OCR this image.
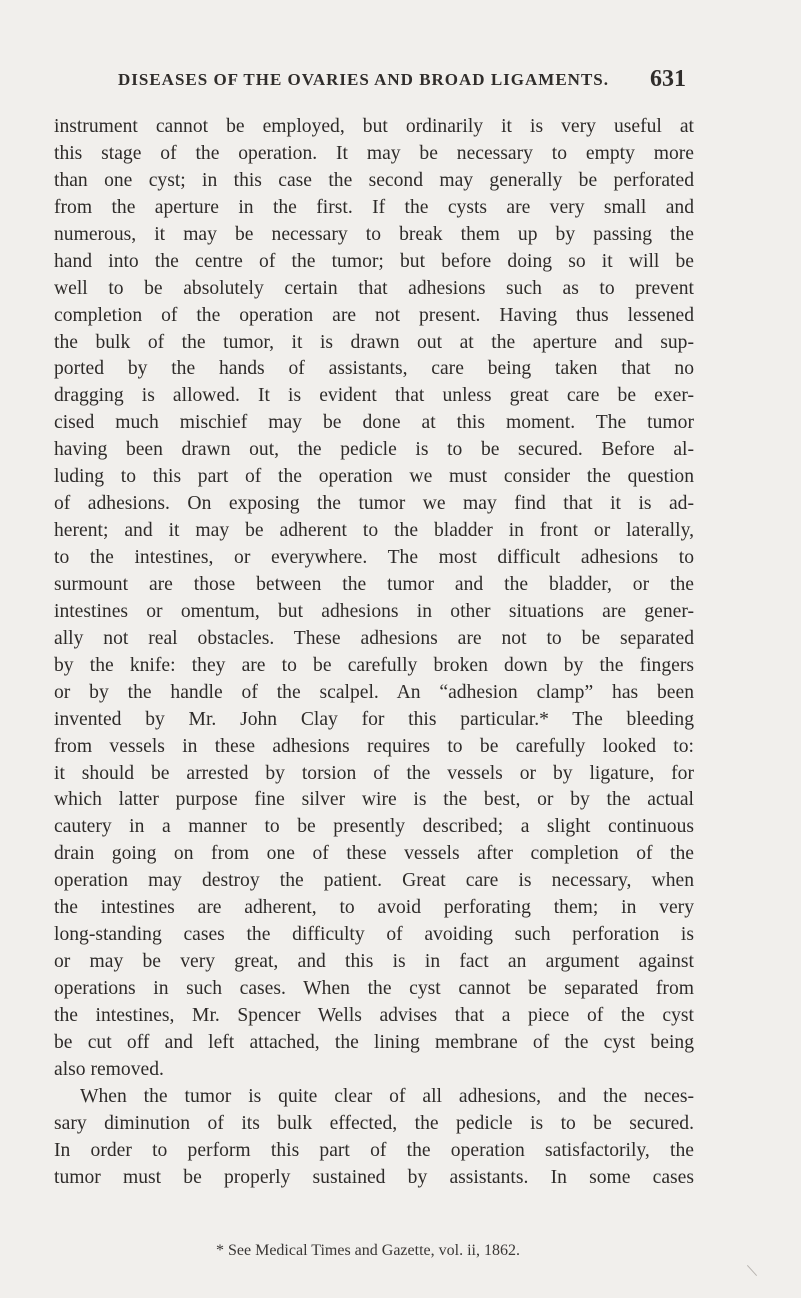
DISEASES OF THE OVARIES AND BROAD LIGAMENTS. 631
instrument cannot be employed, but ordinarily it is very useful at
this stage of the operation. It may be necessary to empty more
than one cyst; in this case the second may generally be perforated
from the aperture in the first. If the cysts are very small and
numerous, it may be necessary to break them up by passing the
hand into the centre of the tumor; but before doing so it will be
well to be absolutely certain that adhesions such as to prevent
completion of the operation are not present. Having thus lessened
the bulk of the tumor, it is drawn out at the aperture and sup-
ported by the hands of assistants, care being taken that no
dragging is allowed. It is evident that unless great care be exer-
cised much mischief may be done at this moment. The tumor
having been drawn out, the pedicle is to be secured. Before al-
luding to this part of the operation we must consider the question
of adhesions. On exposing the tumor we may find that it is ad-
herent; and it may be adherent to the bladder in front or laterally,
to the intestines, or everywhere. The most difficult adhesions to
surmount are those between the tumor and the bladder, or the
intestines or omentum, but adhesions in other situations are gener-
ally not real obstacles. These adhesions are not to be separated
by the knife: they are to be carefully broken down by the fingers
or by the handle of the scalpel. An “adhesion clamp” has been
invented by Mr. John Clay for this particular.* The bleeding
from vessels in these adhesions requires to be carefully looked to:
it should be arrested by torsion of the vessels or by ligature, for
which latter purpose fine silver wire is the best, or by the actual
cautery in a manner to be presently described; a slight continuous
drain going on from one of these vessels after completion of the
operation may destroy the patient. Great care is necessary, when
the intestines are adherent, to avoid perforating them; in very
long-standing cases the difficulty of avoiding such perforation is
or may be very great, and this is in fact an argument against
operations in such cases. When the cyst cannot be separated from
the intestines, Mr. Spencer Wells advises that a piece of the cyst
be cut off and left attached, the lining membrane of the cyst being
also removed.
When the tumor is quite clear of all adhesions, and the neces-
sary diminution of its bulk effected, the pedicle is to be secured.
In order to perform this part of the operation satisfactorily, the
tumor must be properly sustained by assistants. In some cases
* See Medical Times and Gazette, vol. ii, 1862.
